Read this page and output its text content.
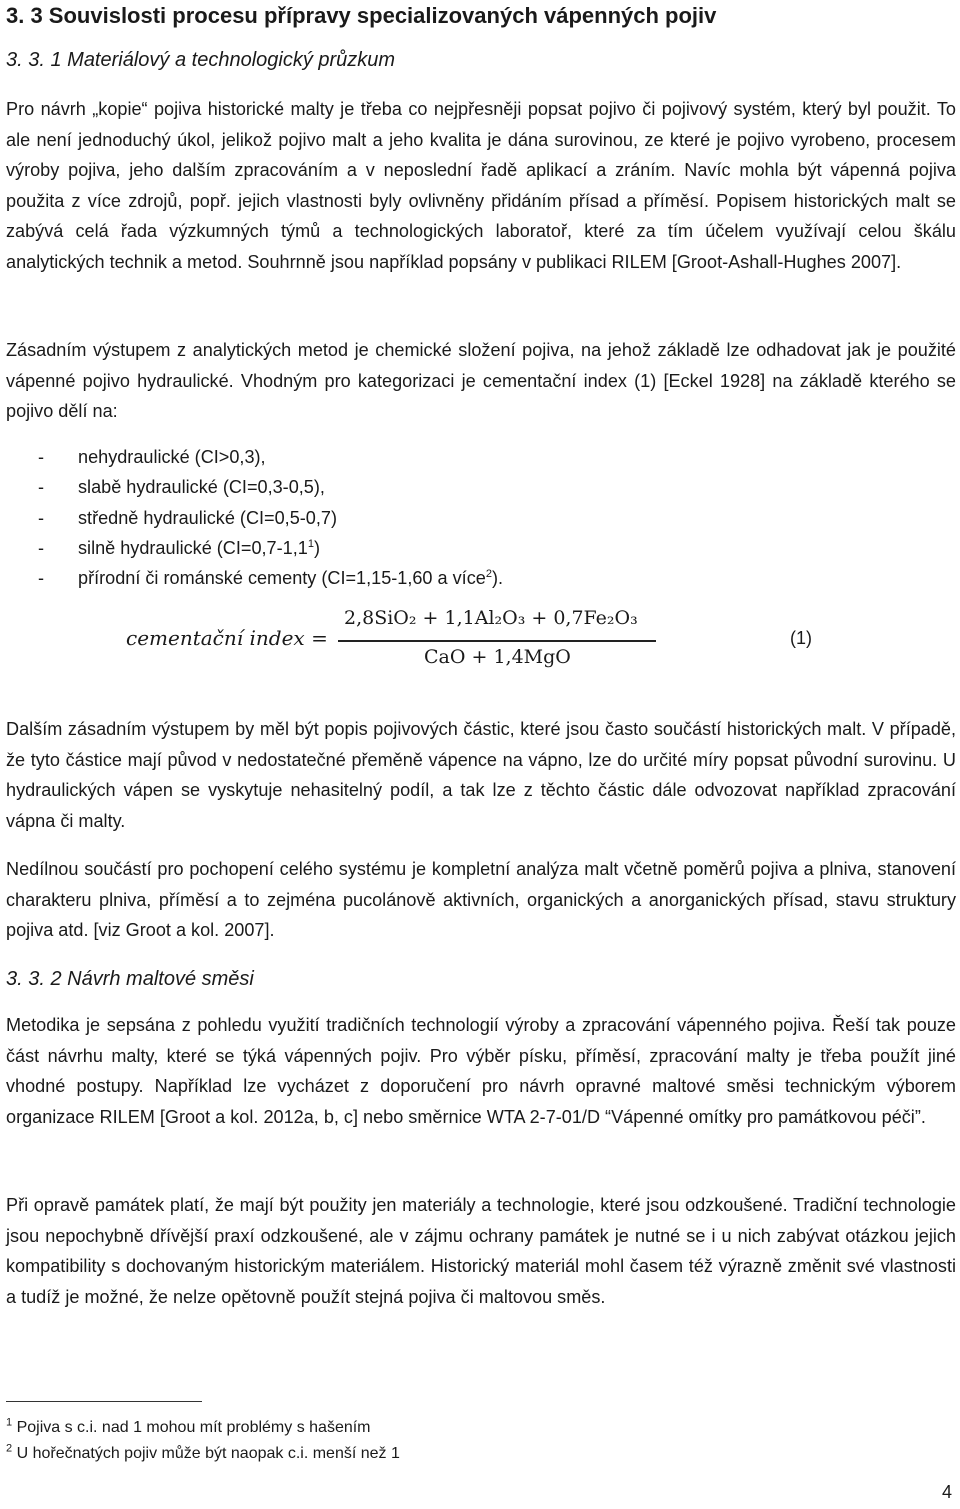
3. 3 Souvislosti procesu přípravy specializovaných vápenných pojiv
3. 3. 1 Materiálový a technologický průzkum

Pro návrh „kopie“ pojiva historické malty je třeba co nejpřesněji popsat pojivo či pojivový systém, který byl použit. To ale není jednoduchý úkol, jelikož pojivo malt a jeho kvalita je dána surovinou, ze které je pojivo vyrobeno, procesem výroby pojiva, jeho dalším zpracováním a v neposlední řadě aplikací a zráním. Navíc mohla být vápenná pojiva použita z více zdrojů, popř. jejich vlastnosti byly ovlivněny přidáním přísad a příměsí. Popisem historických malt se zabývá celá řada výzkumných týmů a technologických laboratoř, které za tím účelem využívají celou škálu analytických technik a metod. Souhrnně jsou například popsány v publikaci RILEM [Groot-Ashall-Hughes 2007].

Zásadním výstupem z analytických metod je chemické složení pojiva, na jehož základě lze odhadovat jak je použité vápenné pojivo hydraulické. Vhodným pro kategorizaci je cementační index (1) [Eckel 1928] na základě kterého se pojivo dělí na:

- nehydraulické (CI>0,3),
- slabě hydraulické (CI=0,3-0,5),
- středně hydraulické (CI=0,5-0,7)
- silně hydraulické $(CI=0,7-1,1^1)$
- přírodní či románské cementy (CI=1,15-1,60 a více$^2$).
cementační index =
2,8SiO₂ + 1,1Al₂O₃ + 0,7Fe₂O₃
CaO + 1,4MgO
(1)

Dalším zásadním výstupem by měl být popis pojivových částic, které jsou často součástí historických malt. V případě, že tyto částice mají původ v nedostatečné přeměně vápence na vápno, lze do určité míry popsat původní surovinu. U hydraulických vápen se vyskytuje nehasitelný podíl, a tak lze z těchto částic dále odvozovat například zpracování vápna či malty.

Nedílnou součástí pro pochopení celého systému je kompletní analýza malt včetně poměrů pojiva a plniva, stanovení charakteru plniva, příměsí a to zejména pucolánově aktivních, organických a anorganických přísad, stavu struktury pojiva atd. [viz Groot a kol. 2007].

3. 3. 2 Návrh maltové směsi

Metodika je sepsána z pohledu využití tradičních technologií výroby a zpracování vápenného pojiva. Řeší tak pouze část návrhu malty, které se týká vápenných pojiv. Pro výběr písku, příměsí, zpracování malty je třeba použít jiné vhodné postupy. Například lze vycházet z doporučení pro návrh opravné maltové směsi technickým výborem organizace RILEM [Groot a kol. 2012a, b, c] nebo směrnice WTA 2-7-01/D “Vápenné omítky pro památkovou péči”.

Při opravě památek platí, že mají být použity jen materiály a technologie, které jsou odzkoušené. Tradiční technologie jsou nepochybně dřívější praxí odzkoušené, ale v zájmu ochrany památek je nutné se i u nich zabývat otázkou jejich kompatibility s dochovaným historickým materiálem. Historický materiál mohl časem též výrazně změnit své vlastnosti a tudíž je možné, že nelze opětovně použít stejná pojiva či maltovou směs.

$^1$ Pojiva s c.i. nad 1 mohou mít problémy s hašením
$^2$ U hořečnatých pojiv může být naopak c.i. menší než 1
4
